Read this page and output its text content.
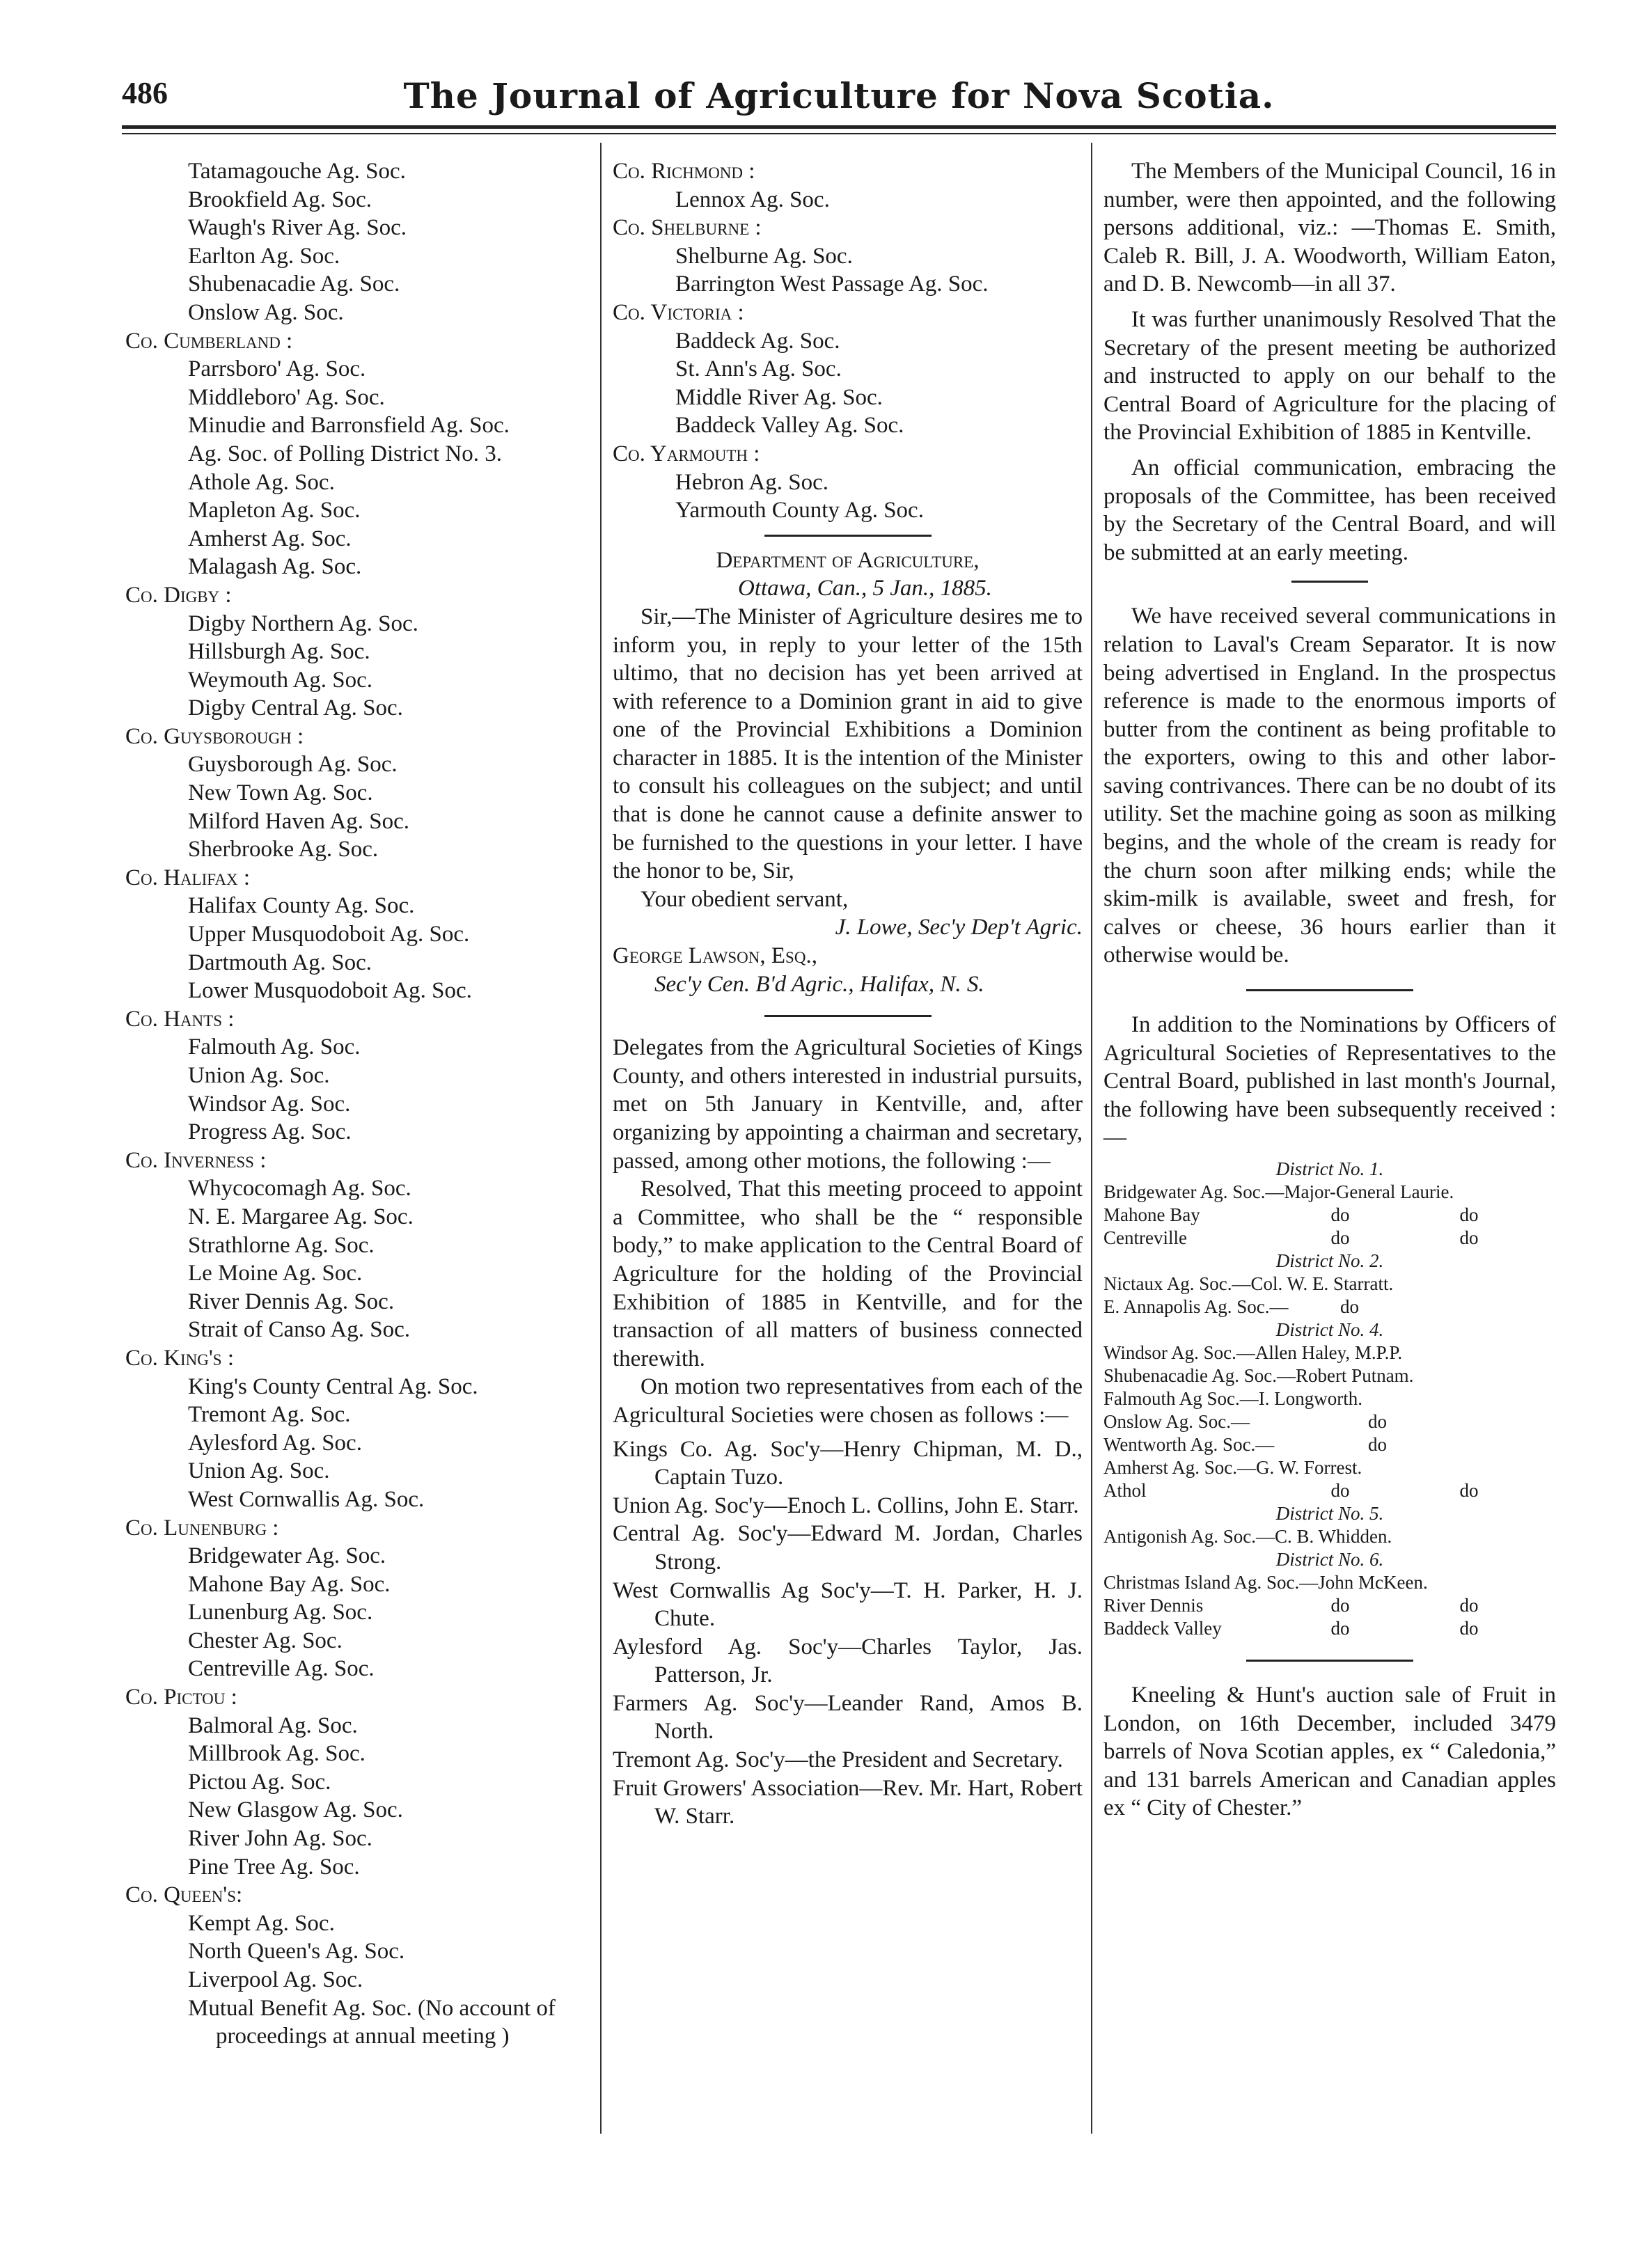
486	The Journal of Agriculture for Nova Scotia.
Tatamagouche Ag. Soc.
Brookfield Ag. Soc.
Waugh's River Ag. Soc.
Earlton Ag. Soc.
Shubenacadie Ag. Soc.
Onslow Ag. Soc.
Co. Cumberland :
Parrsboro' Ag. Soc.
Middleboro' Ag. Soc.
Minudie and Barronsfield Ag. Soc.
Ag. Soc. of Polling District No. 3.
Athole Ag. Soc.
Mapleton Ag. Soc.
Amherst Ag. Soc.
Malagash Ag. Soc.
Co. Digby :
Digby Northern Ag. Soc.
Hillsburgh Ag. Soc.
Weymouth Ag. Soc.
Digby Central Ag. Soc.
Co. Guysborough :
Guysborough Ag. Soc.
New Town Ag. Soc.
Milford Haven Ag. Soc.
Sherbrooke Ag. Soc.
Co. Halifax :
Halifax County Ag. Soc.
Upper Musquodoboit Ag. Soc.
Dartmouth Ag. Soc.
Lower Musquodoboit Ag. Soc.
Co. Hants :
Falmouth Ag. Soc.
Union Ag. Soc.
Windsor Ag. Soc.
Progress Ag. Soc.
Co. Inverness :
Whycocomagh Ag. Soc.
N. E. Margaree Ag. Soc.
Strathlorne Ag. Soc.
Le Moine Ag. Soc.
River Dennis Ag. Soc.
Strait of Canso Ag. Soc.
Co. King's :
King's County Central Ag. Soc.
Tremont Ag. Soc.
Aylesford Ag. Soc.
Union Ag. Soc.
West Cornwallis Ag. Soc.
Co. Lunenburg :
Bridgewater Ag. Soc.
Mahone Bay Ag. Soc.
Lunenburg Ag. Soc.
Chester Ag. Soc.
Centreville Ag. Soc.
Co. Pictou :
Balmoral Ag. Soc.
Millbrook Ag. Soc.
Pictou Ag. Soc.
New Glasgow Ag. Soc.
River John Ag. Soc.
Pine Tree Ag. Soc.
Co. Queen's:
Kempt Ag. Soc.
North Queen's Ag. Soc.
Liverpool Ag. Soc.
Mutual Benefit Ag. Soc. (No account of proceedings at annual meeting )
Co. Richmond :
Lennox Ag. Soc.
Co. Shelburne :
Shelburne Ag. Soc.
Barrington West Passage Ag. Soc.
Co. Victoria :
Baddeck Ag. Soc.
St. Ann's Ag. Soc.
Middle River Ag. Soc.
Baddeck Valley Ag. Soc.
Co. Yarmouth :
Hebron Ag. Soc.
Yarmouth County Ag. Soc.
Department of Agriculture,
Ottawa, Can., 5 Jan., 1885.
Sir,—The Minister of Agriculture desires me to inform you, in reply to your letter of the 15th ultimo, that no decision has yet been arrived at with reference to a Dominion grant in aid to give one of the Provincial Exhibitions a Dominion character in 1885. It is the intention of the Minister to consult his colleagues on the subject; and until that is done he cannot cause a definite answer to be furnished to the questions in your letter. I have the honor to be, Sir,
Your obedient servant,
J. Lowe, Sec'y Dep't Agric.
George Lawson, Esq.,
Sec'y Cen. B'd Agric., Halifax, N. S.
Delegates from the Agricultural Societies of Kings County, and others interested in industrial pursuits, met on 5th January in Kentville, and, after organizing by appointing a chairman and secretary, passed, among other motions, the following :—
Resolved, That this meeting proceed to appoint a Committee, who shall be the “ responsible body,” to make application to the Central Board of Agriculture for the holding of the Provincial Exhibition of 1885 in Kentville, and for the transaction of all matters of business connected therewith.
On motion two representatives from each of the Agricultural Societies were chosen as follows :—
Kings Co. Ag. Soc'y—Henry Chipman, M. D., Captain Tuzo.
Union Ag. Soc'y—Enoch L. Collins, John E. Starr.
Central Ag. Soc'y—Edward M. Jordan, Charles Strong.
West Cornwallis Ag Soc'y—T. H. Parker, H. J. Chute.
Aylesford Ag. Soc'y—Charles Taylor, Jas. Patterson, Jr.
Farmers Ag. Soc'y—Leander Rand, Amos B. North.
Tremont Ag. Soc'y—the President and Secretary.
Fruit Growers' Association—Rev. Mr. Hart, Robert W. Starr.
The Members of the Municipal Council, 16 in number, were then appointed, and the following persons additional, viz.: —Thomas E. Smith, Caleb R. Bill, J. A. Woodworth, William Eaton, and D. B. Newcomb—in all 37.
It was further unanimously Resolved That the Secretary of the present meeting be authorized and instructed to apply on our behalf to the Central Board of Agriculture for the placing of the Provincial Exhibition of 1885 in Kentville.
An official communication, embracing the proposals of the Committee, has been received by the Secretary of the Central Board, and will be submitted at an early meeting.
We have received several communications in relation to Laval's Cream Separator. It is now being advertised in England. In the prospectus reference is made to the enormous imports of butter from the continent as being profitable to the exporters, owing to this and other labor-saving contrivances. There can be no doubt of its utility. Set the machine going as soon as milking begins, and the whole of the cream is ready for the churn soon after milking ends; while the skim-milk is available, sweet and fresh, for calves or cheese, 36 hours earlier than it otherwise would be.
In addition to the Nominations by Officers of Agricultural Societies of Representatives to the Central Board, published in last month's Journal, the following have been subsequently received :—
District No. 1.
Bridgewater Ag. Soc.—Major-General Laurie.
Mahone Bay	do	do
Centreville	do	do
District No. 2.
Nictaux Ag. Soc.—Col. W. E. Starratt.
E. Annapolis Ag. Soc.—	do
District No. 4.
Windsor Ag. Soc.—Allen Haley, M.P.P.
Shubenacadie Ag. Soc.—Robert Putnam.
Falmouth Ag Soc.—I. Longworth.
Onslow Ag. Soc.—	do
Wentworth Ag. Soc.—	do
Amherst Ag. Soc.—G. W. Forrest.
Athol	do	do
District No. 5.
Antigonish Ag. Soc.—C. B. Whidden.
District No. 6.
Christmas Island Ag. Soc.—John McKeen.
River Dennis	do	do
Baddeck Valley	do	do
Kneeling & Hunt's auction sale of Fruit in London, on 16th December, included 3479 barrels of Nova Scotian apples, ex “ Caledonia,” and 131 barrels American and Canadian apples ex “ City of Chester.”
